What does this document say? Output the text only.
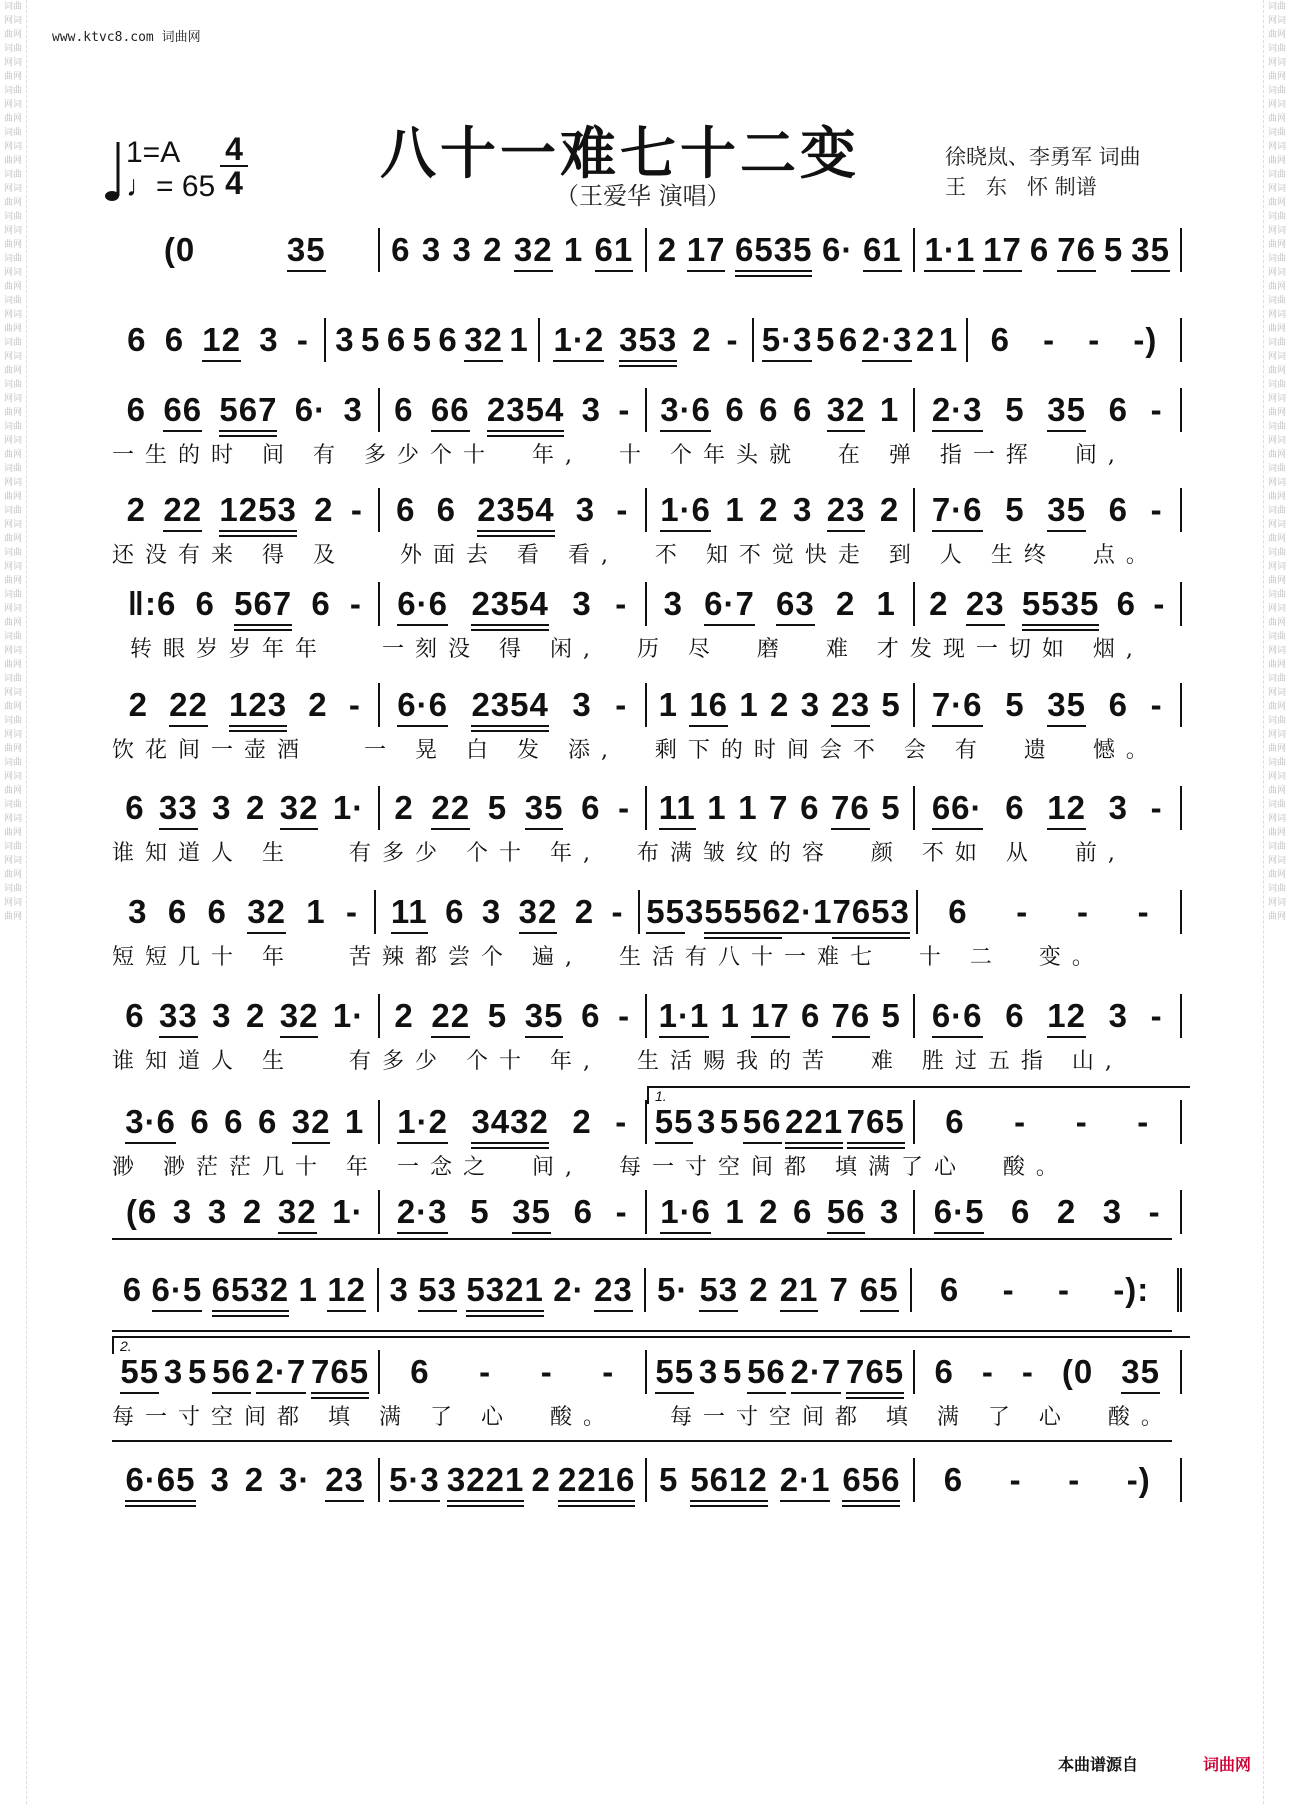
词曲网词曲网词曲网词曲网词曲网词曲网词曲网词曲网词曲网词曲网词曲网词曲网词曲网词曲网词曲网词曲网词曲网词曲网词曲网词曲网词曲网词曲网词曲网词曲网词曲网词曲网词曲网词曲网词曲网词曲网词曲网词曲网词曲网词曲网词曲网词曲网词曲网词曲网词曲网词曲网词曲网词曲网词曲网词曲网
词曲网词曲网词曲网词曲网词曲网词曲网词曲网词曲网词曲网词曲网词曲网词曲网词曲网词曲网词曲网词曲网词曲网词曲网词曲网词曲网词曲网词曲网词曲网词曲网词曲网词曲网词曲网词曲网词曲网词曲网词曲网词曲网词曲网词曲网词曲网词曲网词曲网词曲网词曲网词曲网词曲网词曲网词曲网词曲网
www.ktvc8.com 词曲网
八十一难七十二变
（王爱华 演唱）
徐晓岚、李勇军 词曲
王   东   怀 制谱
1=A
♩= 65
4
4
(0	35 6 3 3 2 32 1 61 2 17 6535 6· 61 1·1 17 6 76 5 35
6 6 12 3 - 3 5 6 5 6 32 1 1·2 353 2 - 5·3 5 6 2·3 2 1 6 - - -)
6 66 567 6· 3 6 66 2354 3 - 3·6 6 6 6 32 1 2·3 5 35 6 -
一生的时 间 有 多少个十  年,  十 个年头就  在 弹 指一挥  间,
2 22 1253 2 - 6 6 2354 3 - 1·6 1 2 3 23 2 7·6 5 35 6 -
还没有来 得 及   外面去 看 看,  不 知不觉快走 到 人 生终  点。
‖:6 6 567 6 - 6·6 2354 3 - 3 6·7 63 2 1 2 23 5535 6 -
转眼岁岁年年   一刻没 得 闲,  历 尽  磨  难 才发现一切如 烟,
2 22 123 2 - 6·6 2354 3 - 1 16 1 2 3 23 5 7·6 5 35 6 -
饮花间一壶酒   一 晃 白 发 添,  剩下的时间会不 会 有  遗  憾。
6 33 3 2 32 1· 2 22 5 35 6 - 11 1 1 7 6 76 5 66· 6 12 3 -
谁知道人 生   有多少 个十 年,  布满皱纹的容  颜 不如 从  前,
3 6 6 32 1 - 11 6 3 32 2 - 55 3 5556 2·1 7653 6 - - -
短短几十 年   苦辣都尝个 遍,  生活有八十一难七  十 二  变。
6 33 3 2 32 1· 2 22 5 35 6 - 1·1 1 17 6 76 5 6·6 6 12 3 -
谁知道人 生   有多少 个十 年,  生活赐我的苦  难 胜过五指 山,
1.
3·6 6 6 6 32 1 1·2 3432 2 - 55 3 5 56 221 765 6 - - -
渺 渺茫茫几十 年 一念之  间,  每一寸空间都 填满了心  酸。
(6 3 3 2 32 1· 2·3 5 35 6 - 1·6 1 2 6 56 3 6·5 6 2 3 -
6 6·5 6532 1 12 3 53 5321 2· 23 5· 53 2 21 7 65 6 - - -):
2.
55 3 5 56 2·7 765 6 - - - 55 3 5 56 2·7 765 6 - - (0 35
每一寸空间都 填 满 了 心  酸。   每一寸空间都 填 满 了 心  酸。
6·65 3 2 3· 23 5·3 3221 2 2216 5 5612 2·1 656 6 - - -)
本曲谱源自	词曲网
